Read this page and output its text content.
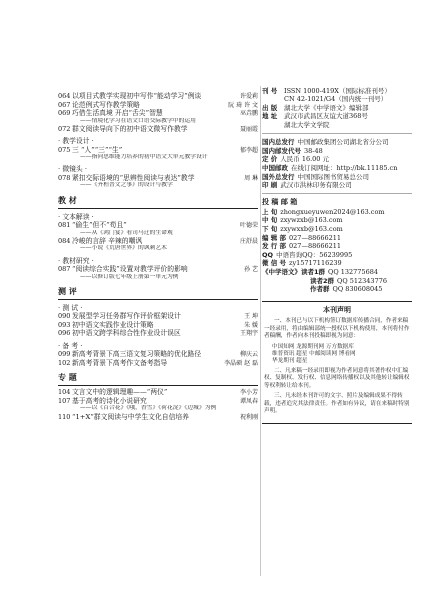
064 以项目式教学实现初中写作“能动学习”例谈	许爱莉
067 论范例式写作教学策略	阮 琦 许 文
069 巧借生活真境 开启“舌尖”智慧	巫垚鹏
——情境化学习在语文口语交际教学中的运用
072 群文阅读导向下的初中语文微写作教学	聂丽霞
· 教学设计 ·
075 三 “人”“三”“生”	郁李超
——指向思维能力培养的初中语文大单元教学设计
· 微镜头 ·
078 紧扣交际语境的“思辨性阅读与表达”教学	周 琳
——《齐桓晋文之事》的设计与教学
教 材
· 文本解读 ·
081 “偷生”但不“苟且”	叶德荣
——从《鸿门宴》看司马迁的生命观
084 冷峻的言辞 辛辣的嘲讽	庄舒晨
——小说《荒唐世界》的讽刺艺术
· 教材研究 ·
087 “阅读综合实践”设置对教学评价的影响	孙 艺
——以修订版七年级上册第一单元为例
测 评
· 测 试 ·
090 发展型学习任务群写作评价框架设计	王 坤
093 初中语文实践作业设计策略	朱 媛
096 初中语文跨学科综合性作业设计误区	王翔宇
· 备 考 ·
099 新高考背景下高三语文复习策略的优化路径	柳庆云
102 新高考背景下高考作文备考指导	李晶硕 赵 磊
专 题
104 文言文中的逻辑理趣——“两仪”	李小芳
107 基于高考的诗化小说研究	谭凤春
——以《百合花》《哦，香雪》《荷花淀》《边城》为例
110 “1+X”群文阅读与中学生文化自信培养	祝利刚
刊 号	ISSN 1000-419X（国际标准刊号）
CN 42-1021/G4（国内统一刊号）
出 版	湖北大学《中学语文》编辑部
地 址	武汉市武昌区友谊大道368号
湖北大学文学院
国内总发行 中国邮政集团公司湖北省分公司
国内邮发代号 38-48
定 价 人民币 16.00 元
中国邮政 在线订阅网址：http://bk.11185.cn
国外总发行 中国国际图书贸易总公司
印 刷 武汉市洪林印务有限公司
投 稿 邮 箱
上 旬 zhongxueyuwen2024@163.com
中 旬 zxywzxb@163.com
下 旬 zxywxxb@163.com
编 辑 部 027—88666211
发 行 部 027—88666211
QQ 中语咨询QQ：56239995
微 信 号 zy15717116239
《中学语文》读者1群 QQ 132775684
读者2群 QQ 512343776
作者群 QQ 830608045
本刊声明

一、本刊已与以下机构签订数据库传播合同，作者来稿一经录用，将由编辑部统一授权以下机构使用，本刊将付作者稿酬，作者向本刊投稿即视为同意：

中国知网 龙源期刊网 万方数据库
维普资讯 超星 中邮阅读网 博看网
华龙期刊 超星

二、凡来稿一经录用即视为作者同意将其著作权中汇编权、复制权、发行权、信息网络传播权以及其他转让编辑权等权利转让给本刊。

三、凡未经本刊许可的文字、照片及编辑成果不得转载，违者追究其法律责任。作者如有异议，请在来稿时特别声明。
